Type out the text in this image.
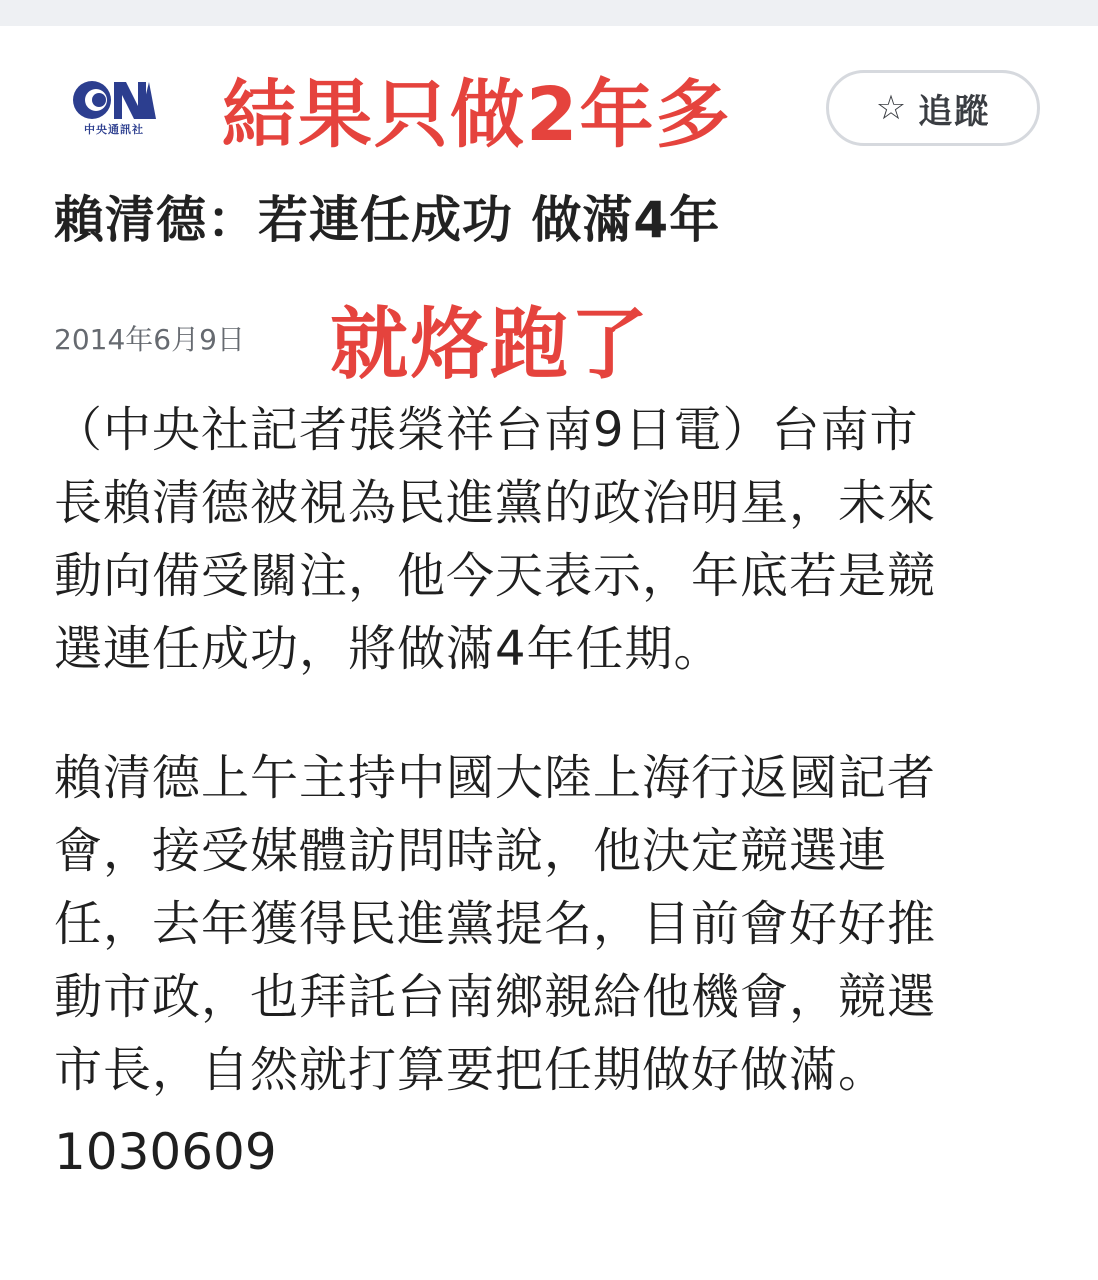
中央通訊社 結果只做2年多	☆ 追蹤
賴清德：若連任成功 做滿4年
2014年6月9日 就烙跑了
（中央社記者張榮祥台南9日電）台南市
長賴清德被視為民進黨的政治明星，未來
動向備受關注，他今天表示，年底若是競
選連任成功，將做滿4年任期。
賴清德上午主持中國大陸上海行返國記者
會，接受媒體訪問時說，他決定競選連
任，去年獲得民進黨提名，目前會好好推
動市政，也拜託台南鄉親給他機會，競選
市長，自然就打算要把任期做好做滿。
1030609
